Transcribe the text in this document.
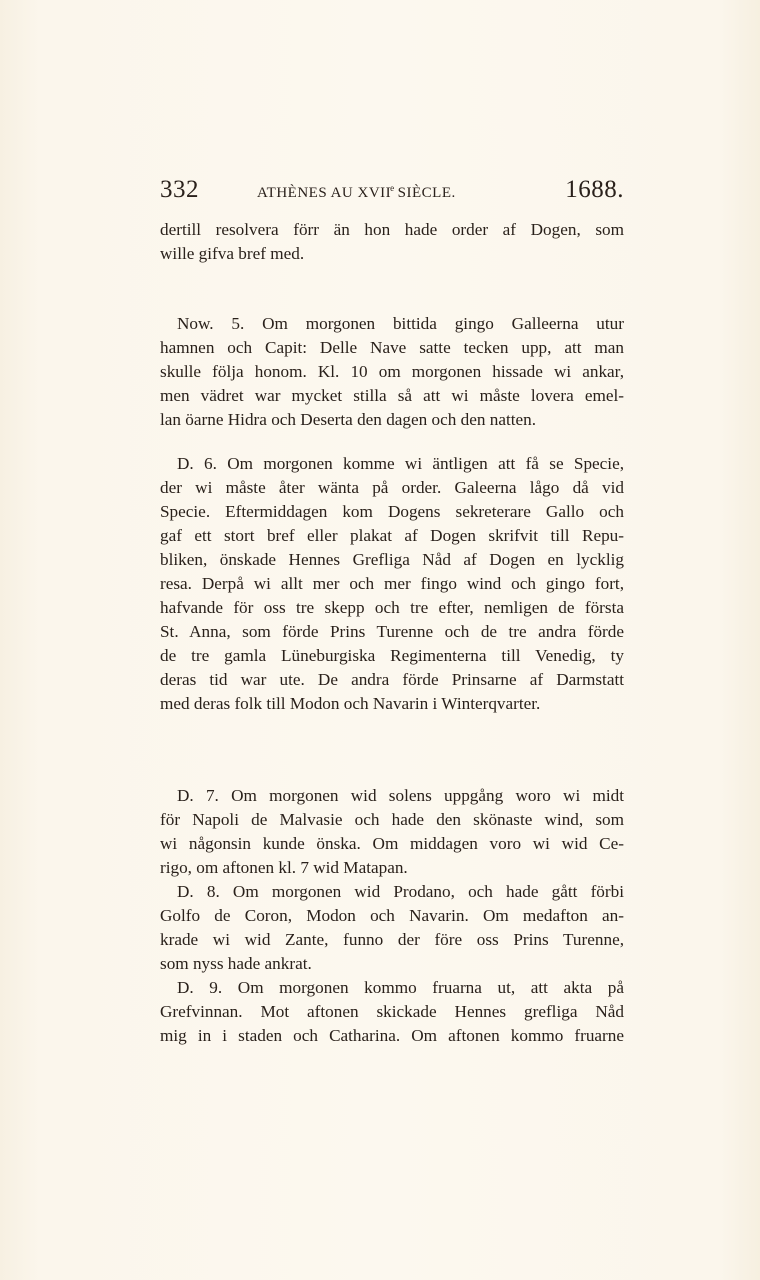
332	ATHÈNES AU XVIIe SIÈCLE.	1688.
dertill resolvera förr än hon hade order af Dogen, som
wille gifva bref med.
Now. 5. Om morgonen bittida gingo Galleerna utur
hamnen och Capit: Delle Nave satte tecken upp, att man
skulle följa honom. Kl. 10 om morgonen hissade wi ankar,
men vädret war mycket stilla så att wi måste lovera emel-
lan öarne Hidra och Deserta den dagen och den natten.
D. 6. Om morgonen komme wi äntligen att få se Specie,
der wi måste åter wänta på order. Galeerna lågo då vid
Specie. Eftermiddagen kom Dogens sekreterare Gallo och
gaf ett stort bref eller plakat af Dogen skrifvit till Repu-
bliken, önskade Hennes Grefliga Nåd af Dogen en lycklig
resa. Derpå wi allt mer och mer fingo wind och gingo fort,
hafvande för oss tre skepp och tre efter, nemligen de första
St. Anna, som förde Prins Turenne och de tre andra förde
de tre gamla Lüneburgiska Regimenterna till Venedig, ty
deras tid war ute. De andra förde Prinsarne af Darmstatt
med deras folk till Modon och Navarin i Winterqvarter.
D. 7. Om morgonen wid solens uppgång woro wi midt
för Napoli de Malvasie och hade den skönaste wind, som
wi någonsin kunde önska. Om middagen voro wi wid Ce-
rigo, om aftonen kl. 7 wid Matapan.
D. 8. Om morgonen wid Prodano, och hade gått förbi
Golfo de Coron, Modon och Navarin. Om medafton an-
krade wi wid Zante, funno der före oss Prins Turenne,
som nyss hade ankrat.
D. 9. Om morgonen kommo fruarna ut, att akta på
Grefvinnan. Mot aftonen skickade Hennes grefliga Nåd
mig in i staden och Catharina. Om aftonen kommo fruarne
